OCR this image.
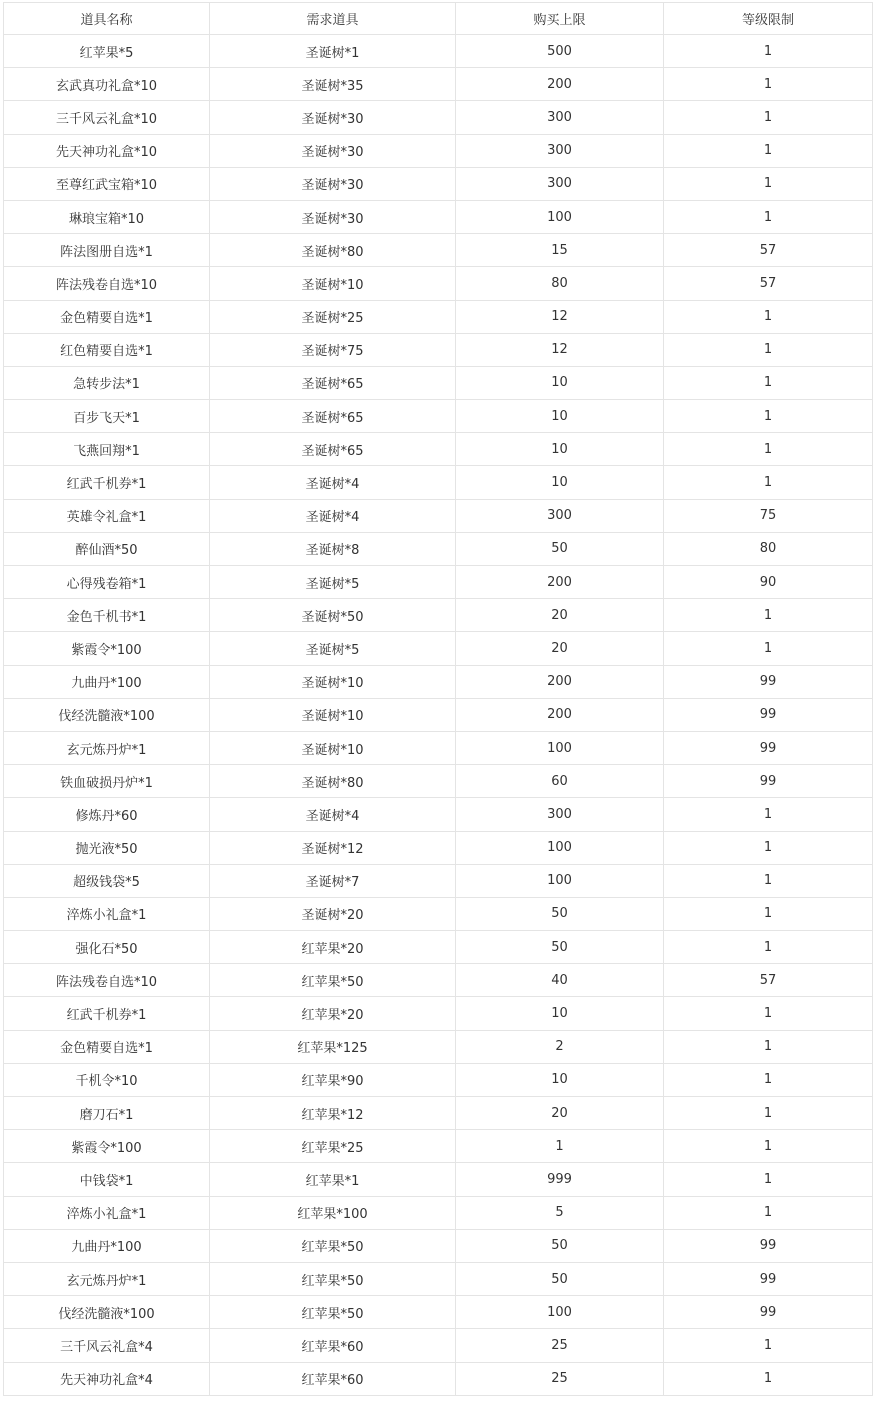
道具名称	需求道具	购买上限	等级限制
红苹果*5	圣诞树*1	500	1
玄武真功礼盒*10	圣诞树*35	200	1
三千风云礼盒*10	圣诞树*30	300	1
先天神功礼盒*10	圣诞树*30	300	1
至尊红武宝箱*10	圣诞树*30	300	1
琳琅宝箱*10	圣诞树*30	100	1
阵法图册自选*1	圣诞树*80	15	57
阵法残卷自选*10	圣诞树*10	80	57
金色精要自选*1	圣诞树*25	12	1
红色精要自选*1	圣诞树*75	12	1
急转步法*1	圣诞树*65	10	1
百步飞天*1	圣诞树*65	10	1
飞燕回翔*1	圣诞树*65	10	1
红武千机券*1	圣诞树*4	10	1
英雄令礼盒*1	圣诞树*4	300	75
醉仙酒*50	圣诞树*8	50	80
心得残卷箱*1	圣诞树*5	200	90
金色千机书*1	圣诞树*50	20	1
紫霞令*100	圣诞树*5	20	1
九曲丹*100	圣诞树*10	200	99
伐经洗髓液*100	圣诞树*10	200	99
玄元炼丹炉*1	圣诞树*10	100	99
铁血破损丹炉*1	圣诞树*80	60	99
修炼丹*60	圣诞树*4	300	1
抛光液*50	圣诞树*12	100	1
超级钱袋*5	圣诞树*7	100	1
淬炼小礼盒*1	圣诞树*20	50	1
强化石*50	红苹果*20	50	1
阵法残卷自选*10	红苹果*50	40	57
红武千机券*1	红苹果*20	10	1
金色精要自选*1	红苹果*125	2	1
千机令*10	红苹果*90	10	1
磨刀石*1	红苹果*12	20	1
紫霞令*100	红苹果*25	1	1
中钱袋*1	红苹果*1	999	1
淬炼小礼盒*1	红苹果*100	5	1
九曲丹*100	红苹果*50	50	99
玄元炼丹炉*1	红苹果*50	50	99
伐经洗髓液*100	红苹果*50	100	99
三千风云礼盒*4	红苹果*60	25	1
先天神功礼盒*4	红苹果*60	25	1
